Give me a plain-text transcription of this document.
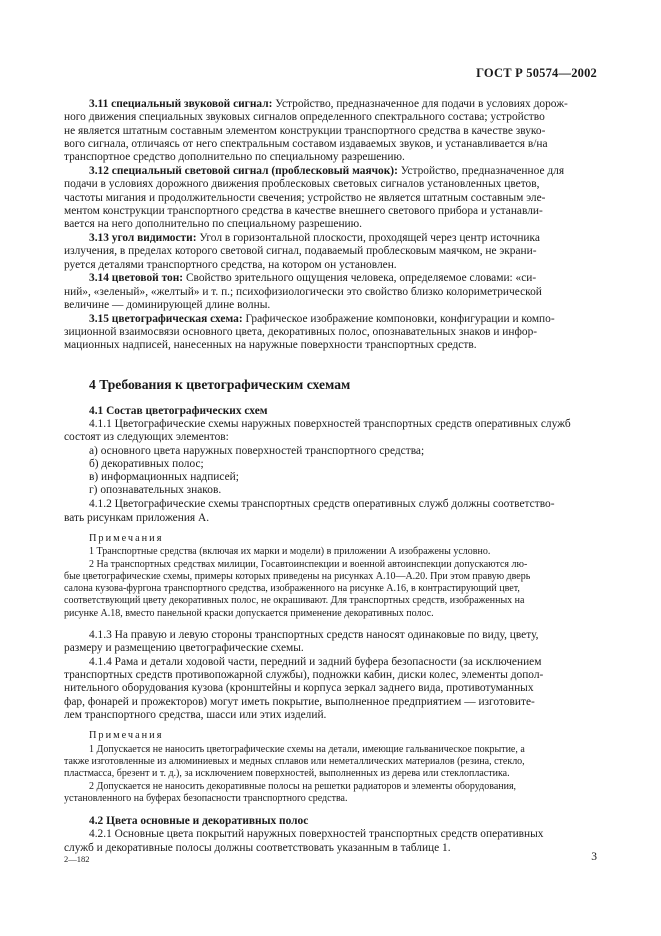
ГОСТ Р 50574—2002

3.11 специальный звуковой сигнал: Устройство, предназначенное для подачи в условиях дорож-
ного движения специальных звуковых сигналов определенного спектрального состава; устройство
не является штатным составным элементом конструкции транспортного средства в качестве звуко-
вого сигнала, отличаясь от него спектральным составом издаваемых звуков, и устанавливается в/на
транспортное средство дополнительно по специальному разрешению.

3.12 специальный световой сигнал (проблесковый маячок): Устройство, предназначенное для
подачи в условиях дорожного движения проблесковых световых сигналов установленных цветов,
частоты мигания и продолжительности свечения; устройство не является штатным составным эле-
ментом конструкции транспортного средства в качестве внешнего светового прибора и устанавли-
вается на него дополнительно по специальному разрешению.

3.13 угол видимости: Угол в горизонтальной плоскости, проходящей через центр источника
излучения, в пределах которого световой сигнал, подаваемый проблесковым маячком, не экрани-
руется деталями транспортного средства, на котором он установлен.

3.14 цветовой тон: Свойство зрительного ощущения человека, определяемое словами: «си-
ний», «зеленый», «желтый» и т. п.; психофизиологически это свойство близко колориметрической
величине — доминирующей длине волны.

3.15 цветографическая схема: Графическое изображение компоновки, конфигурации и компо-
зиционной взаимосвязи основного цвета, декоративных полос, опознавательных знаков и инфор-
мационных надписей, нанесенных на наружные поверхности транспортных средств.

4 Требования к цветографическим схемам
4.1 Состав цветографических схем

4.1.1 Цветографические схемы наружных поверхностей транспортных средств оперативных служб
состоят из следующих элементов:
а) основного цвета наружных поверхностей транспортного средства;
б) декоративных полос;
в) информационных надписей;
г) опознавательных знаков.

4.1.2 Цветографические схемы транспортных средств оперативных служб должны соответство-
вать рисункам приложения А.

Примечания

1 Транспортные средства (включая их марки и модели) в приложении А изображены условно.

2 На транспортных средствах милиции, Госавтоинспекции и военной автоинспекции допускаются лю-
бые цветографические схемы, примеры которых приведены на рисунках А.10—А.20. При этом правую дверь
салона кузова-фургона транспортного средства, изображенного на рисунке А.16, в контрастирующий цвет,
соответствующий цвету декоративных полос, не окрашивают. Для транспортных средств, изображенных на
рисунке А.18, вместо панельной краски допускается применение декоративных полос.

4.1.3 На правую и левую стороны транспортных средств наносят одинаковые по виду, цвету,
размеру и размещению цветографические схемы.

4.1.4 Рама и детали ходовой части, передний и задний буфера безопасности (за исключением
транспортных средств противопожарной службы), подножки кабин, диски колес, элементы допол-
нительного оборудования кузова (кронштейны и корпуса зеркал заднего вида, противотуманных
фар, фонарей и прожекторов) могут иметь покрытие, выполненное предприятием — изготовите-
лем транспортного средства, шасси или этих изделий.

Примечания

1 Допускается не наносить цветографические схемы на детали, имеющие гальваническое покрытие, а
также изготовленные из алюминиевых и медных сплавов или неметаллических материалов (резина, стекло,
пластмасса, брезент и т. д.), за исключением поверхностей, выполненных из дерева или стеклопластика.

2 Допускается не наносить декоративные полосы на решетки радиаторов и элементы оборудования,
установленного на буферах безопасности транспортного средства.

4.2 Цвета основные и декоративных полос

4.2.1 Основные цвета покрытий наружных поверхностей транспортных средств оперативных
служб и декоративные полосы должны соответствовать указанным в таблице 1.

2—182	3
